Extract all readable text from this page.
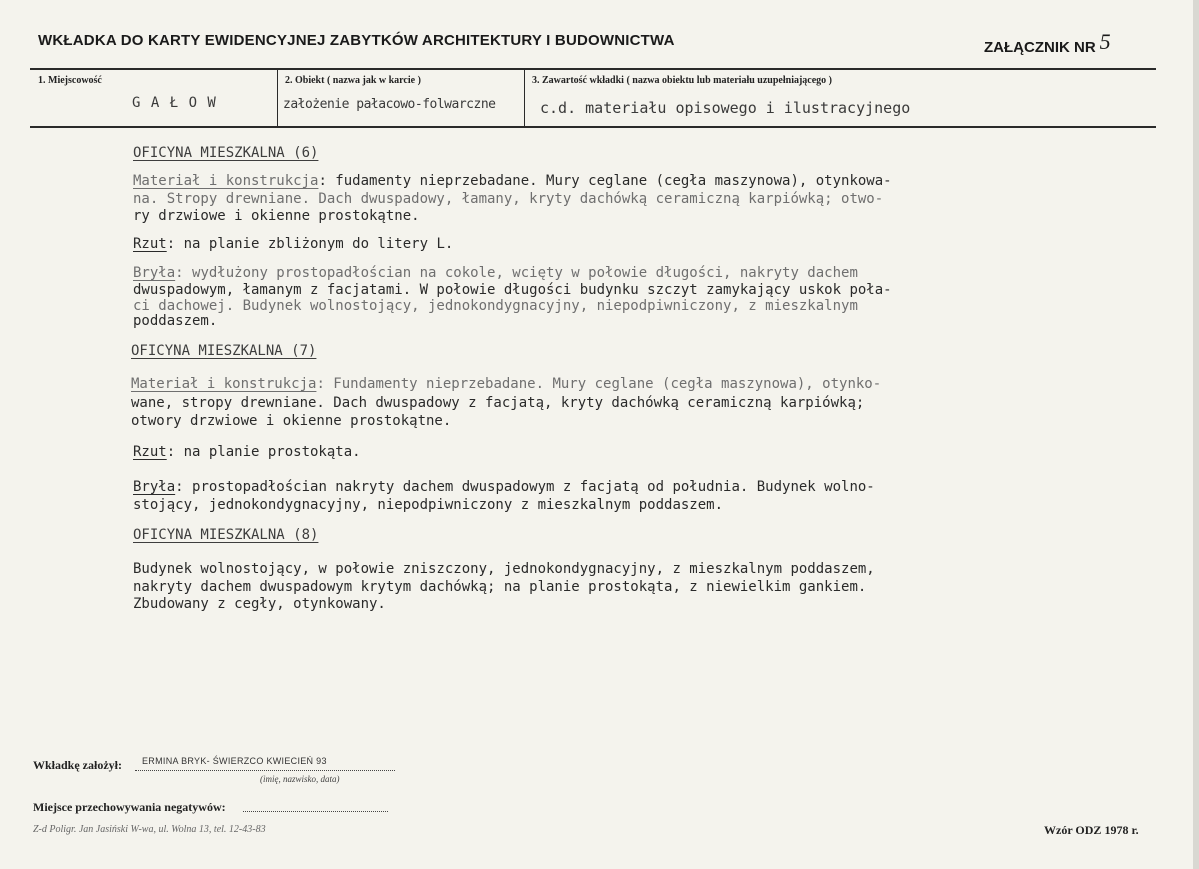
WKŁADKA DO KARTY EWIDENCYJNEJ ZABYTKÓW ARCHITEKTURY I BUDOWNICTWA	ZAŁĄCZNIK NR 5
1. Miejscowość
G A Ł O W
2. Obiekt ( nazwa jak w karcie )
założenie pałacowo-folwarczne
3. Zawartość wkładki ( nazwa obiektu lub materiału uzupełniającego )
c.d. materiału opisowego i ilustracyjnego
OFICYNA MIESZKALNA (6)
Materiał i konstrukcja: fudamenty nieprzebadane. Mury ceglane (cegła maszynowa), otynkowa-
na. Stropy drewniane. Dach dwuspadowy, łamany, kryty dachówką ceramiczną karpiówką; otwo-
ry drzwiowe i okienne prostokątne.
Rzut: na planie zbliżonym do litery L.
Bryła: wydłużony prostopadłościan na cokole, wcięty w połowie długości, nakryty dachem
dwuspadowym, łamanym z facjatami. W połowie długości budynku szczyt zamykający uskok poła-
ci dachowej. Budynek wolnostojący, jednokondygnacyjny, niepodpiwniczony, z mieszkalnym
poddaszem.
OFICYNA MIESZKALNA (7)
Materiał i konstrukcja: Fundamenty nieprzebadane. Mury ceglane (cegła maszynowa), otynko-
wane, stropy drewniane. Dach dwuspadowy z facjatą, kryty dachówką ceramiczną karpiówką;
otwory drzwiowe i okienne prostokątne.
Rzut: na planie prostokąta.
Bryła: prostopadłościan nakryty dachem dwuspadowym z facjatą od południa. Budynek wolno-
stojący, jednokondygnacyjny, niepodpiwniczony z mieszkalnym poddaszem.
OFICYNA MIESZKALNA (8)
Budynek wolnostojący, w połowie zniszczony, jednokondygnacyjny, z mieszkalnym poddaszem,
nakryty dachem dwuspadowym krytym dachówką; na planie prostokąta, z niewielkim gankiem.
Zbudowany z cegły, otynkowany.
Wkładkę założył: ERMINA BRYK- ŚWIERZCO KWIECIEŃ 93
(imię, nazwisko, data)
Miejsce przechowywania negatywów:
Z-d Poligr. Jan Jasiński W-wa, ul. Wolna 13, tel. 12-43-83	Wzór ODZ 1978 r.
